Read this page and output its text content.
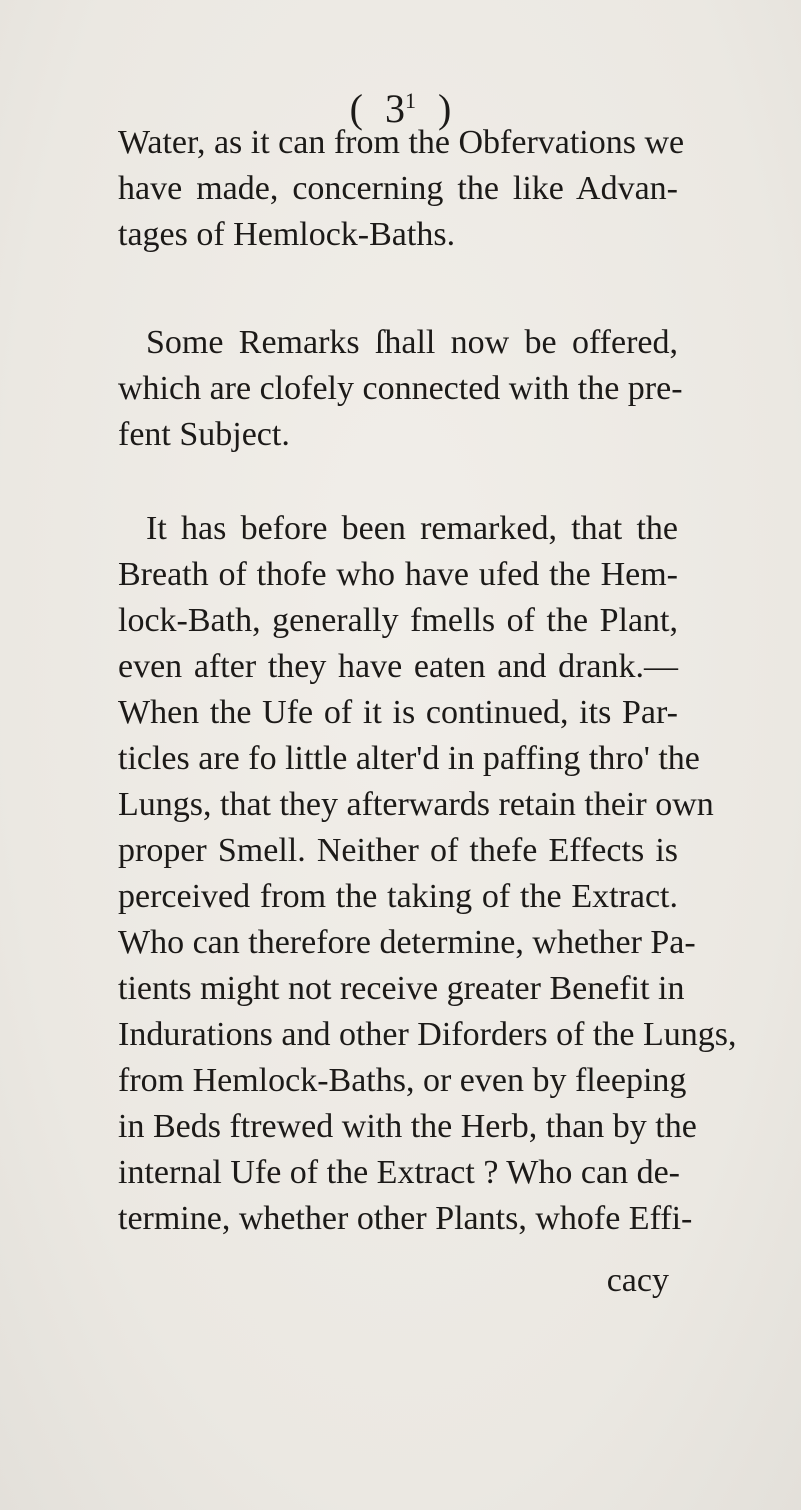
( $3^1$ )
Water, as it can from the Obfervations we
have made, concerning the like Advan-
tages of Hemlock-Baths.
Some Remarks ſhall now be offered,
which are clofely connected with the pre-
fent Subject.
It has before been remarked, that the
Breath of thofe who have ufed the Hem-
lock-Bath, generally fmells of the Plant,
even after they have eaten and drank.—
When the Ufe of it is continued, its Par-
ticles are fo little alter'd in paffing thro' the
Lungs, that they afterwards retain their own
proper Smell. Neither of thefe Effects is
perceived from the taking of the Extract.
Who can therefore determine, whether Pa-
tients might not receive greater Benefit in
Indurations and other Diforders of the Lungs,
from Hemlock-Baths, or even by fleeping
in Beds ftrewed with the Herb, than by the
internal Ufe of the Extract ? Who can de-
termine, whether other Plants, whofe Effi-
cacy
